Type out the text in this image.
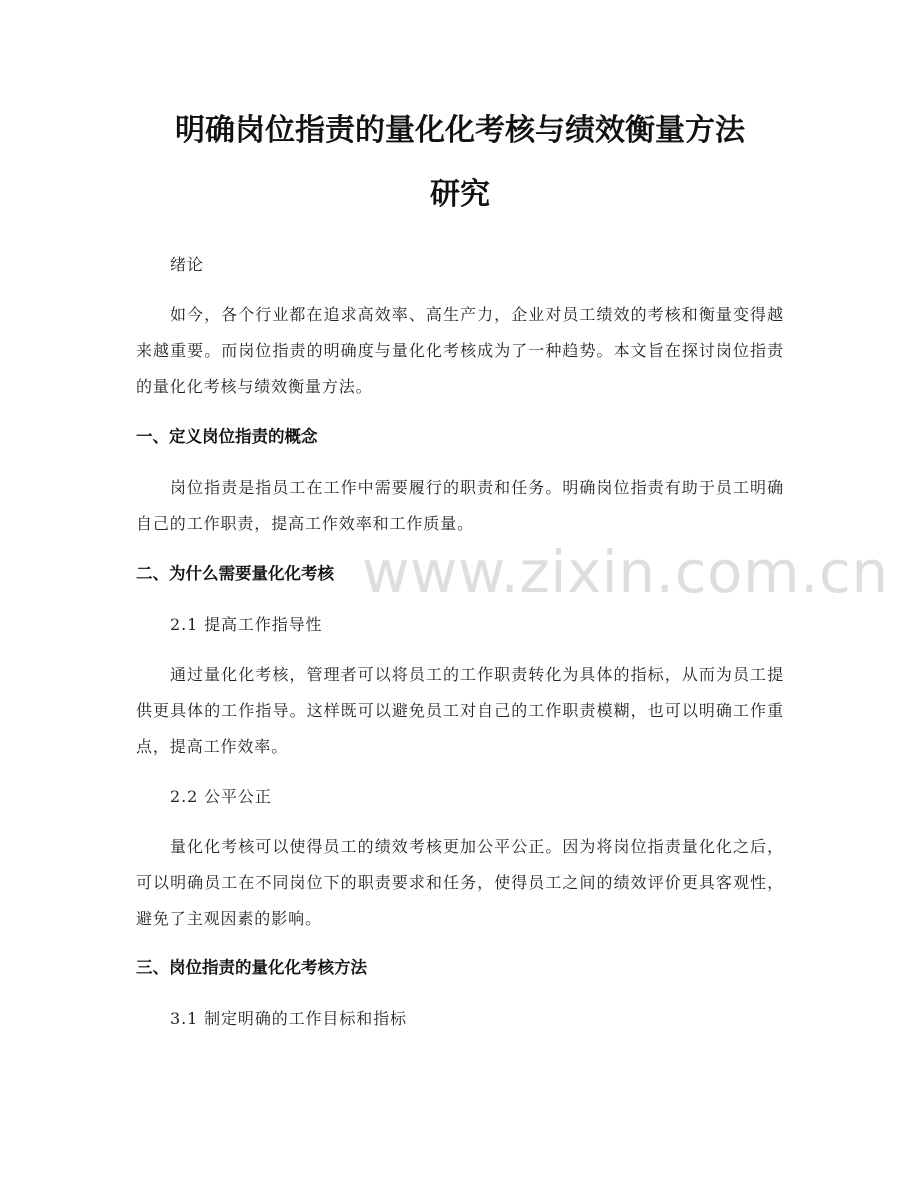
明确岗位指责的量化化考核与绩效衡量方法
研究
绪论
如今，各个行业都在追求高效率、高生产力，企业对员工绩效的考核和衡量变得越来越重要。而岗位指责的明确度与量化化考核成为了一种趋势。本文旨在探讨岗位指责的量化化考核与绩效衡量方法。
一、定义岗位指责的概念
岗位指责是指员工在工作中需要履行的职责和任务。明确岗位指责有助于员工明确自己的工作职责，提高工作效率和工作质量。
二、为什么需要量化化考核
2.1 提高工作指导性
通过量化化考核，管理者可以将员工的工作职责转化为具体的指标，从而为员工提供更具体的工作指导。这样既可以避免员工对自己的工作职责模糊，也可以明确工作重点，提高工作效率。
2.2 公平公正
量化化考核可以使得员工的绩效考核更加公平公正。因为将岗位指责量化化之后，可以明确员工在不同岗位下的职责要求和任务，使得员工之间的绩效评价更具客观性，避免了主观因素的影响。
三、岗位指责的量化化考核方法
3.1 制定明确的工作目标和指标
www.zixin.com.cn
